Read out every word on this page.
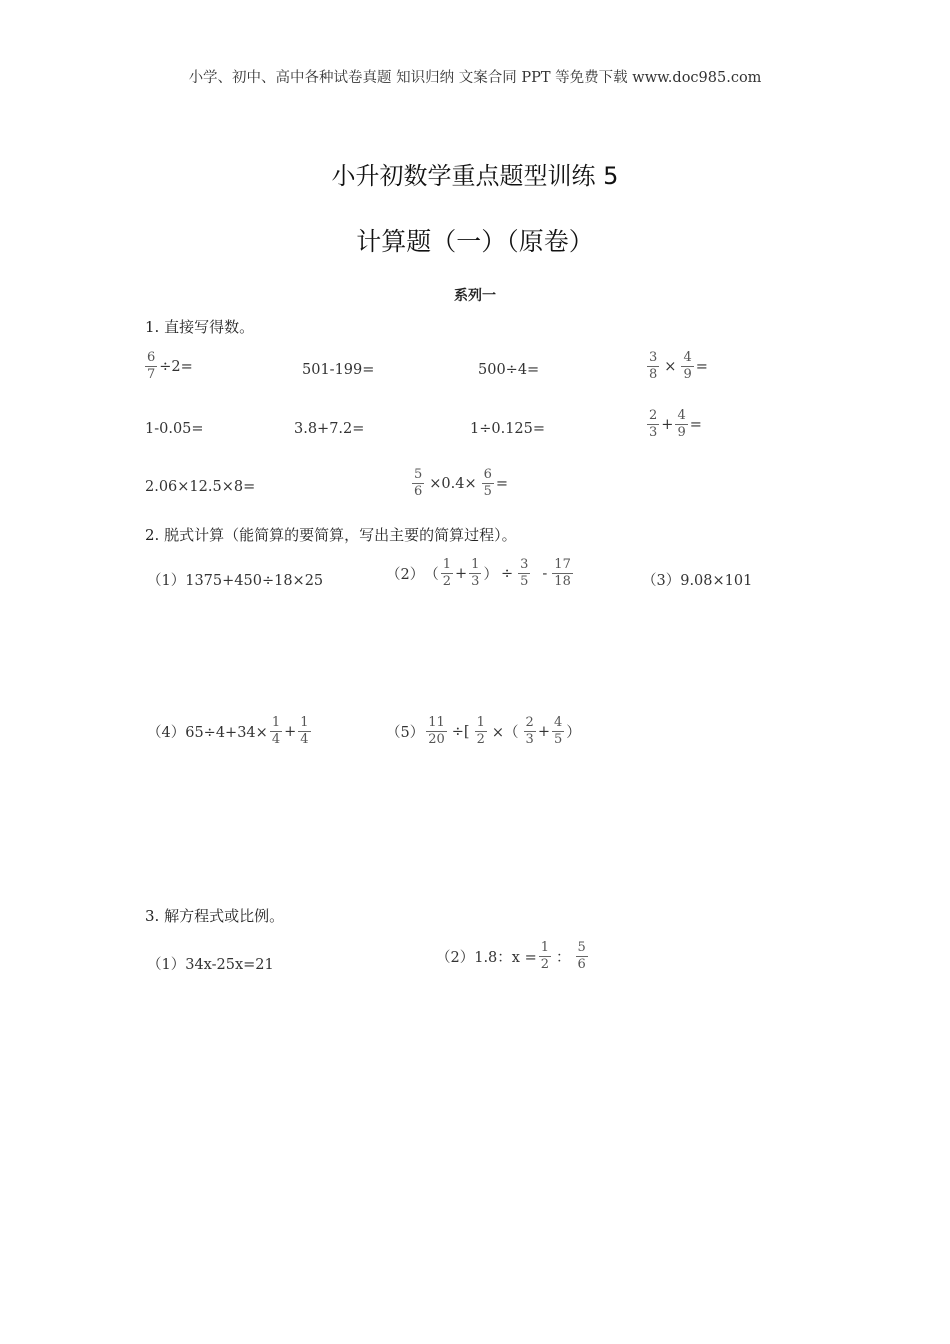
小学、初中、高中各种试卷真题 知识归纳 文案合同 PPT 等免费下载 www.doc985.com
小升初数学重点题型训练 5
计算题（一）（原卷）
系列一
1. 直接写得数。
$\frac{6}{7} \div 2=$	501-199=	500÷4=	$\frac{3}{8} \times \frac{4}{9}$ =
1-0.05=	3.8+7.2=	1÷0.125=	$\frac{2}{3} + \frac{4}{9}$ =
2.06×12.5×8=	$\frac{5}{6} \times 0.4\times \frac{6}{5}$ =
2. 脱式计算（能简算的要简算，写出主要的简算过程）。
（1）1375+450÷18×25	（2） （ $\frac{1}{2} + \frac{1}{3}$ ） ÷ $\frac{3}{5} - \frac{17}{18}$	（3）9.08×101
$(4)65\div 4+34\times \frac{1}{4} + \frac{1}{4}$	$(5) \frac{11}{20}$ ÷[ $\frac{1}{2}$ ×（ $\frac{2}{3} + \frac{4}{5}$ ）
3. 解方程式或比例。
（1）34x-25x=21	（2）1.8：$x = \frac{1}{2}$ ： $\frac{5}{6}$
